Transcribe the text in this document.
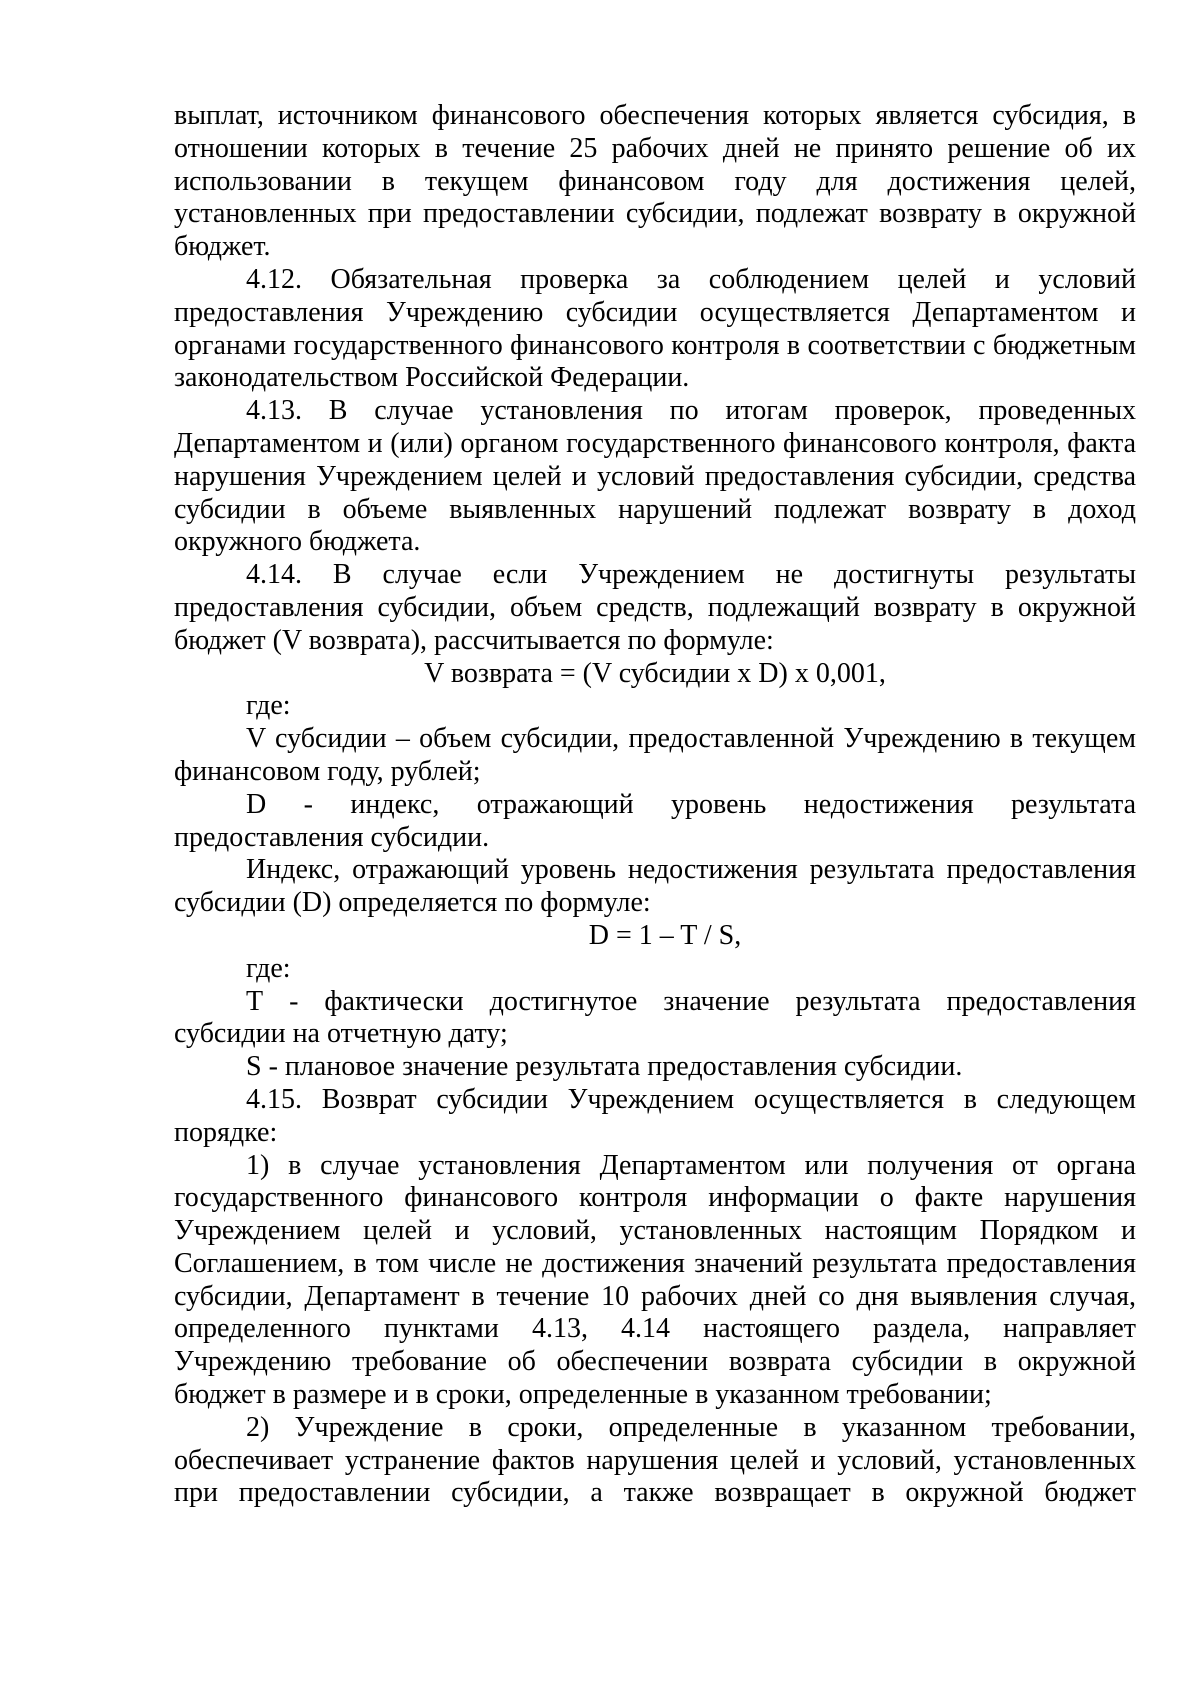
выплат, источником финансового обеспечения которых является субсидия, в отношении которых в течение 25 рабочих дней не принято решение об их использовании в текущем финансовом году для достижения целей, установленных при предоставлении субсидии, подлежат возврату в окружной бюджет.

4.12. Обязательная проверка за соблюдением целей и условий предоставления Учреждению субсидии осуществляется Департаментом и органами государственного финансового контроля в соответствии с бюджетным законодательством Российской Федерации.

4.13. В случае установления по итогам проверок, проведенных Департаментом и (или) органом государственного финансового контроля, факта нарушения Учреждением целей и условий предоставления субсидии, средства субсидии в объеме выявленных нарушений подлежат возврату в доход окружного бюджета.

4.14. В случае если Учреждением не достигнуты результаты предоставления субсидии, объем средств, подлежащий возврату в окружной бюджет (V возврата), рассчитывается по формуле:

V возврата = (V субсидии х D) х 0,001,

где:

V субсидии – объем субсидии, предоставленной Учреждению в текущем финансовом году, рублей;

D - индекс, отражающий уровень недостижения результата предоставления субсидии.

Индекс, отражающий уровень недостижения результата предоставления субсидии (D) определяется по формуле:

D = 1 – T / S,

где:

Т - фактически достигнутое значение результата предоставления субсидии на отчетную дату;

S - плановое значение результата предоставления субсидии.

4.15. Возврат субсидии Учреждением осуществляется в следующем порядке:

1) в случае установления Департаментом или получения от органа государственного финансового контроля информации о факте нарушения Учреждением целей и условий, установленных настоящим Порядком и Соглашением, в том числе не достижения значений результата предоставления субсидии, Департамент в течение 10 рабочих дней со дня выявления случая, определенного пунктами 4.13, 4.14 настоящего раздела, направляет Учреждению требование об обеспечении возврата субсидии в окружной бюджет в размере и в сроки, определенные в указанном требовании;

2) Учреждение в сроки, определенные в указанном требовании, обеспечивает устранение фактов нарушения целей и условий, установленных при предоставлении субсидии, а также возвращает в окружной бюджет
